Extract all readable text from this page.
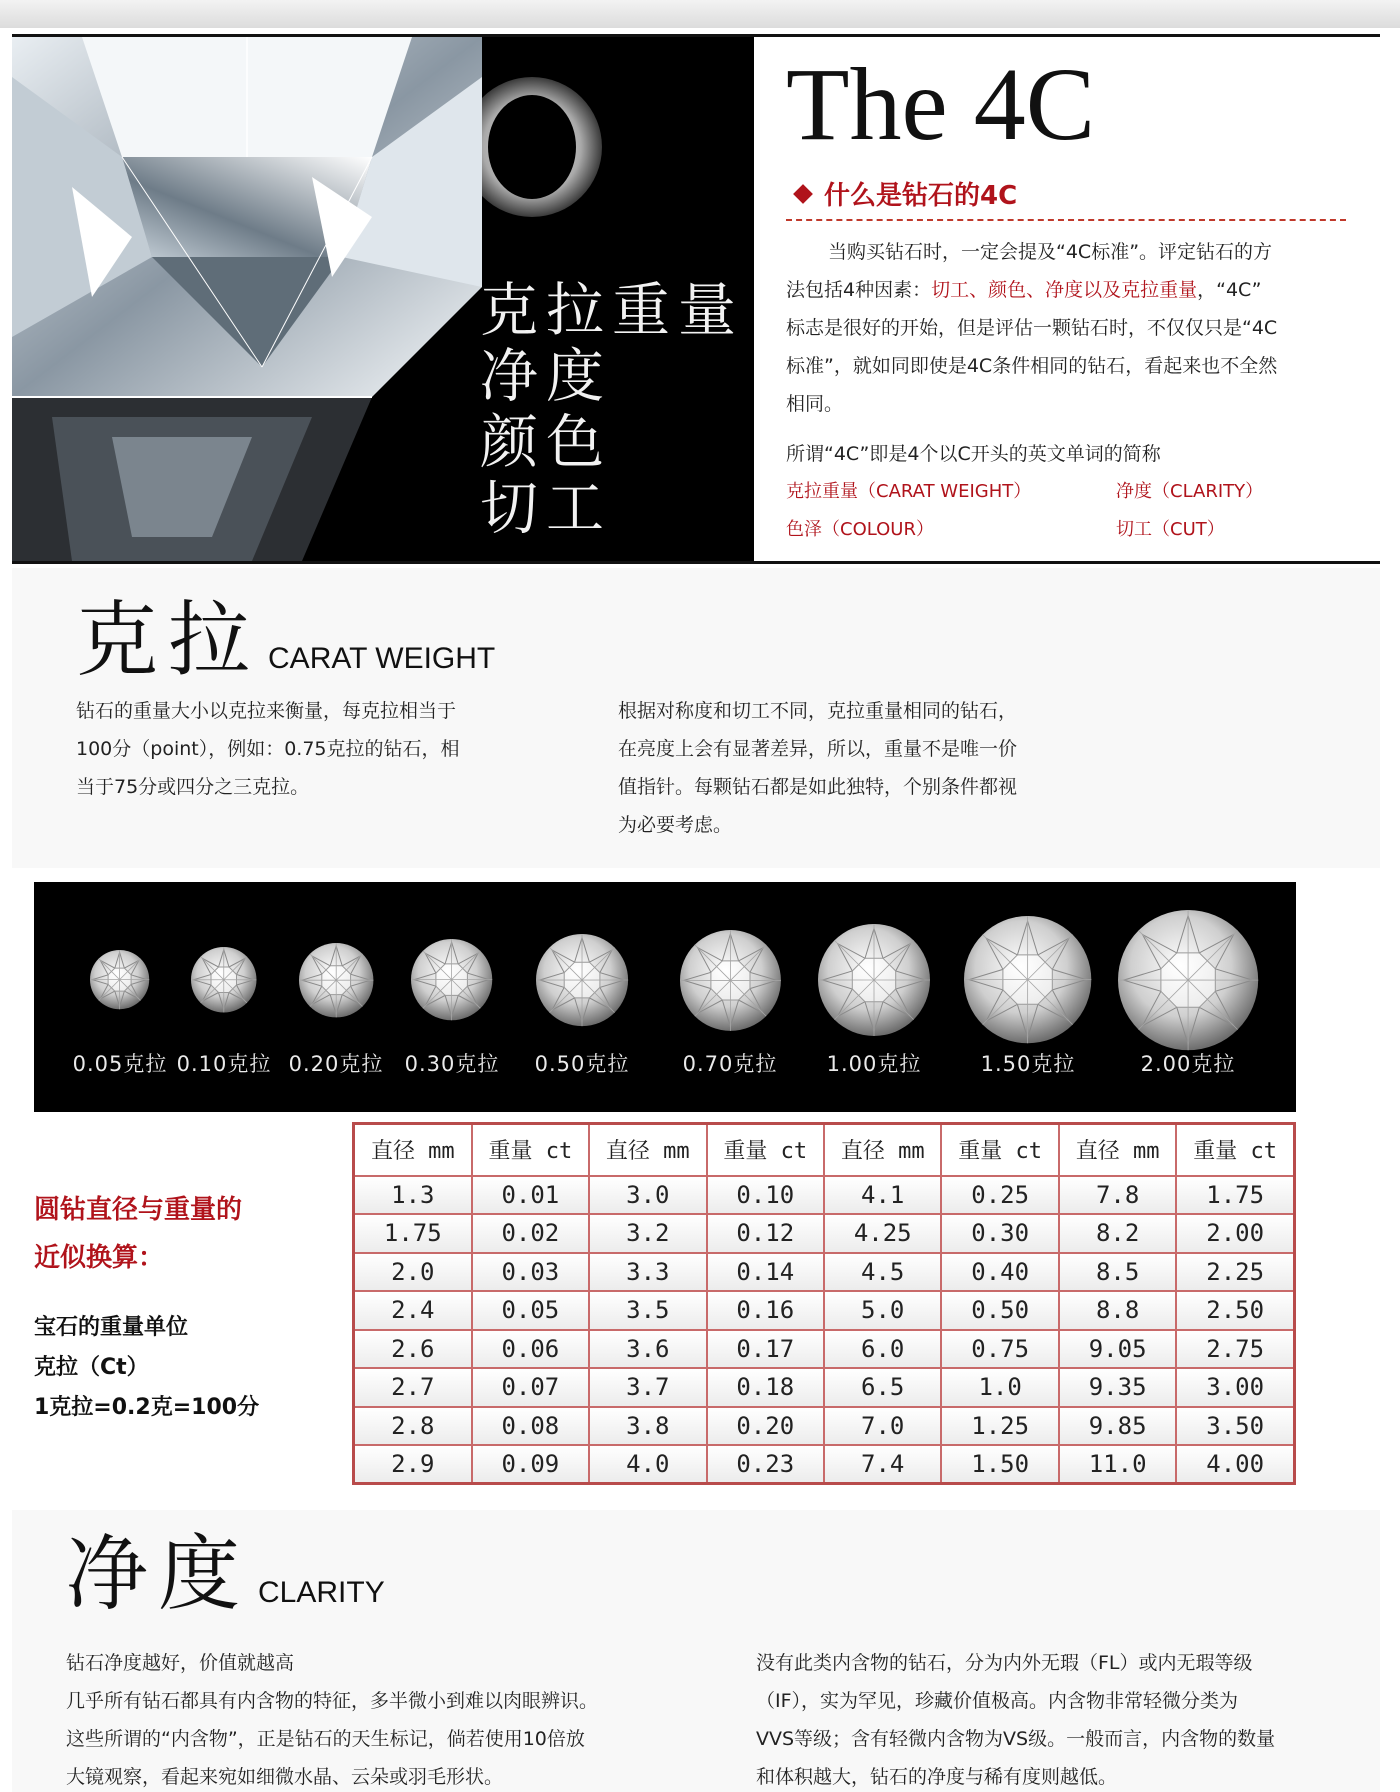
克拉重量
净度
颜色
切工
The 4C
什么是钻石的4C
当购买钻石时，一定会提及“4C标准”。评定钻石的方
法包括4种因素：切工、颜色、净度以及克拉重量，“4C”
标志是很好的开始，但是评估一颗钻石时，不仅仅只是“4C
标准”，就如同即使是4C条件相同的钻石，看起来也不全然
相同。
所谓“4C”即是4个以C开头的英文单词的简称
克拉重量（CARAT WEIGHT）	净度（CLARITY）
色泽（COLOUR）	切工（CUT）
克拉 CARAT WEIGHT
钻石的重量大小以克拉来衡量，每克拉相当于
100分（point），例如：0.75克拉的钻石，相
当于75分或四分之三克拉。
根据对称度和切工不同，克拉重量相同的钻石，
在亮度上会有显著差异，所以，重量不是唯一价
值指针。每颗钻石都是如此独特，个别条件都视
为必要考虑。
0.05克拉 0.10克拉 0.20克拉 0.30克拉 0.50克拉	0.70克拉 1.00克拉	1.50克拉	2.00克拉
圆钻直径与重量的
近似换算：
宝石的重量单位
克拉（Ct）
1克拉=0.2克=100分
直径 mm	重量 ct	直径 mm	重量 ct	直径 mm	重量 ct	直径 mm	重量 ct
1.3	0.01	3.0	0.10	4.1	0.25	7.8	1.75
1.75	0.02	3.2	0.12	4.25	0.30	8.2	2.00
2.0	0.03	3.3	0.14	4.5	0.40	8.5	2.25
2.4	0.05	3.5	0.16	5.0	0.50	8.8	2.50
2.6	0.06	3.6	0.17	6.0	0.75	9.05	2.75
2.7	0.07	3.7	0.18	6.5	1.0	9.35	3.00
2.8	0.08	3.8	0.20	7.0	1.25	9.85	3.50
2.9	0.09	4.0	0.23	7.4	1.50	11.0	4.00
净度 CLARITY
钻石净度越好，价值就越高
几乎所有钻石都具有内含物的特征，多半微小到难以肉眼辨识。
这些所谓的“内含物”，正是钻石的天生标记，倘若使用10倍放
大镜观察，看起来宛如细微水晶、云朵或羽毛形状。
没有此类内含物的钻石，分为内外无瑕（FL）或内无瑕等级
（IF），实为罕见，珍藏价值极高。内含物非常轻微分类为
VVS等级；含有轻微内含物为VS级。一般而言，内含物的数量
和体积越大，钻石的净度与稀有度则越低。
